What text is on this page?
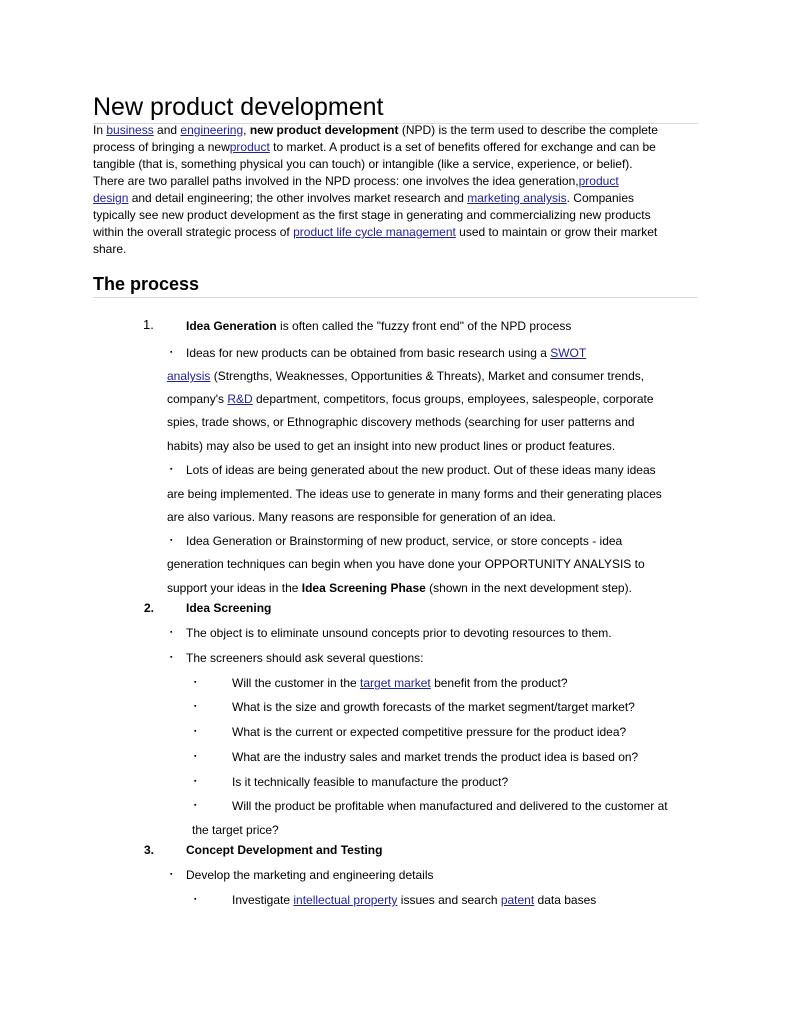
New product development
In business and engineering, new product development (NPD) is the term used to describe the complete
process of bringing a newproduct to market. A product is a set of benefits offered for exchange and can be
tangible (that is, something physical you can touch) or intangible (like a service, experience, or belief).
There are two parallel paths involved in the NPD process: one involves the idea generation,product
design and detail engineering; the other involves market research and marketing analysis. Companies
typically see new product development as the first stage in generating and commercializing new products
within the overall strategic process of product life cycle management used to maintain or grow their market
share.
The process
1.	Idea Generation is often called the "fuzzy front end" of the NPD process
▪ Ideas for new products can be obtained from basic research using a SWOT
analysis (Strengths, Weaknesses, Opportunities & Threats), Market and consumer trends,
company's R&D department, competitors, focus groups, employees, salespeople, corporate
spies, trade shows, or Ethnographic discovery methods (searching for user patterns and
habits) may also be used to get an insight into new product lines or product features.
▪ Lots of ideas are being generated about the new product. Out of these ideas many ideas
are being implemented. The ideas use to generate in many forms and their generating places
are also various. Many reasons are responsible for generation of an idea.
▪ Idea Generation or Brainstorming of new product, service, or store concepts - idea
generation techniques can begin when you have done your OPPORTUNITY ANALYSIS to
support your ideas in the Idea Screening Phase (shown in the next development step).
2.	Idea Screening
▪ The object is to eliminate unsound concepts prior to devoting resources to them.
▪ The screeners should ask several questions:
▪	Will the customer in the target market benefit from the product?
▪	What is the size and growth forecasts of the market segment/target market?
▪	What is the current or expected competitive pressure for the product idea?
▪	What are the industry sales and market trends the product idea is based on?
▪	Is it technically feasible to manufacture the product?
▪	Will the product be profitable when manufactured and delivered to the customer at
the target price?
3.	Concept Development and Testing
▪ Develop the marketing and engineering details
▪	Investigate intellectual property issues and search patent data bases
